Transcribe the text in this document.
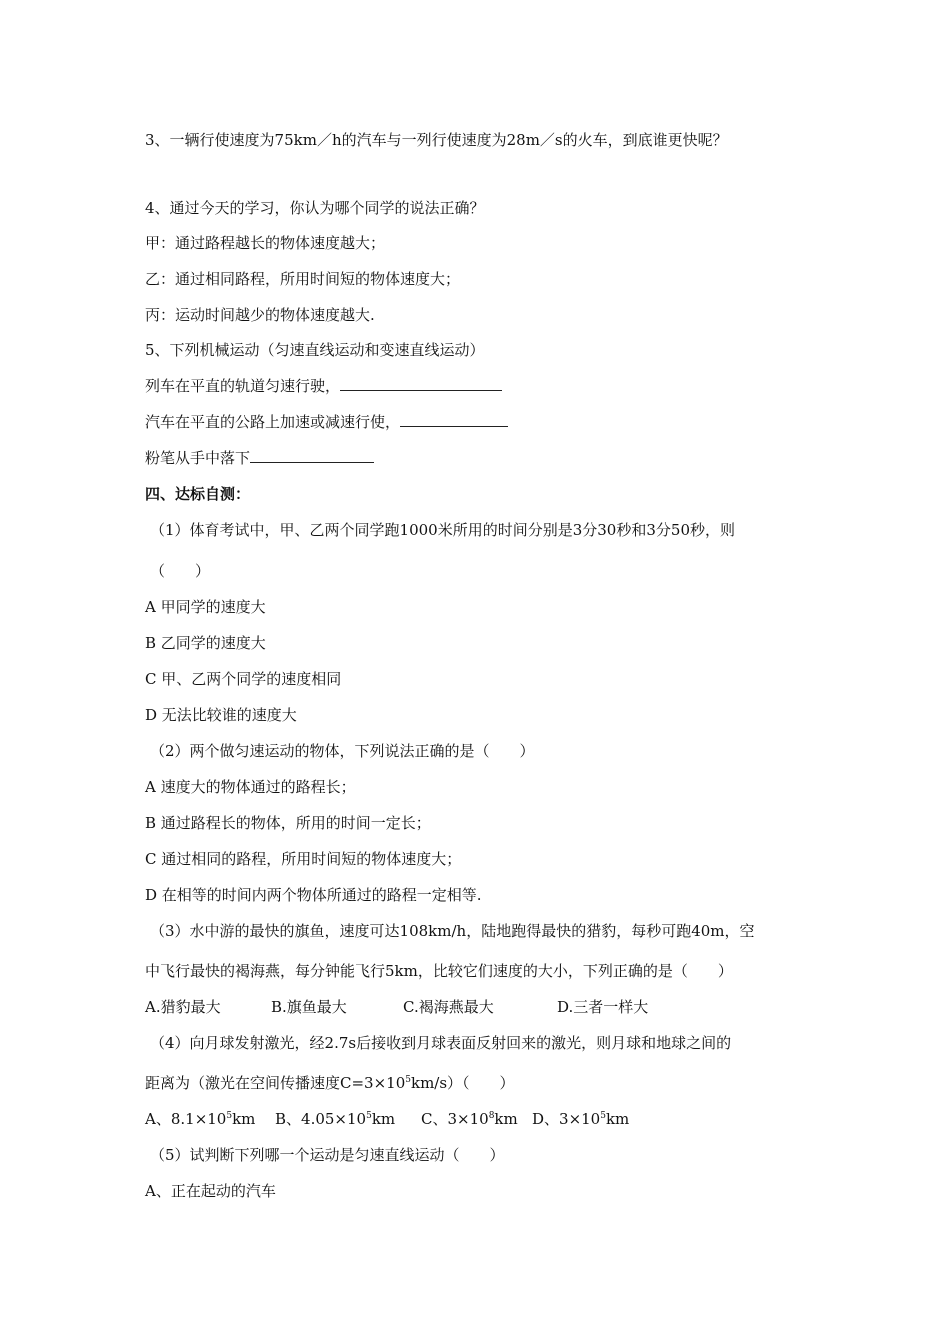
3、一辆行使速度为75km／h的汽车与一列行使速度为28m／s的火车，到底谁更快呢？
4、通过今天的学习，你认为哪个同学的说法正确？
甲：通过路程越长的物体速度越大；
乙：通过相同路程，所用时间短的物体速度大；
丙：运动时间越少的物体速度越大.
5、下列机械运动（匀速直线运动和变速直线运动）
列车在平直的轨道匀速行驶，
汽车在平直的公路上加速或减速行使，
粉笔从手中落下
四、达标自测：
（1）体育考试中，甲、乙两个同学跑1000米所用的时间分别是3分30秒和3分50秒，则
（　　）
A 甲同学的速度大
B 乙同学的速度大
C 甲、乙两个同学的速度相同
D 无法比较谁的速度大
（2）两个做匀速运动的物体，下列说法正确的是（　　）
A 速度大的物体通过的路程长；
B 通过路程长的物体，所用的时间一定长；
C 通过相同的路程，所用时间短的物体速度大；
D 在相等的时间内两个物体所通过的路程一定相等.
（3）水中游的最快的旗鱼，速度可达108km/h，陆地跑得最快的猎豹，每秒可跑40m，空
中飞行最快的褐海燕，每分钟能飞行5km，比较它们速度的大小，下列正确的是（　　）
A.猎豹最大	B.旗鱼最大	C.褐海燕最大	D.三者一样大
（4）向月球发射激光，经2.7s后接收到月球表面反射回来的激光，则月球和地球之间的
距离为（激光在空间传播速度$C=3\times 10^5km/s$）（　　）
A、$8.1\times 10^5km$ B、$4.05\times 10^5km$ C、$3\times 10^8km$ D、$3\times 10^5km$
（5）试判断下列哪一个运动是匀速直线运动（　　）
A、正在起动的汽车
